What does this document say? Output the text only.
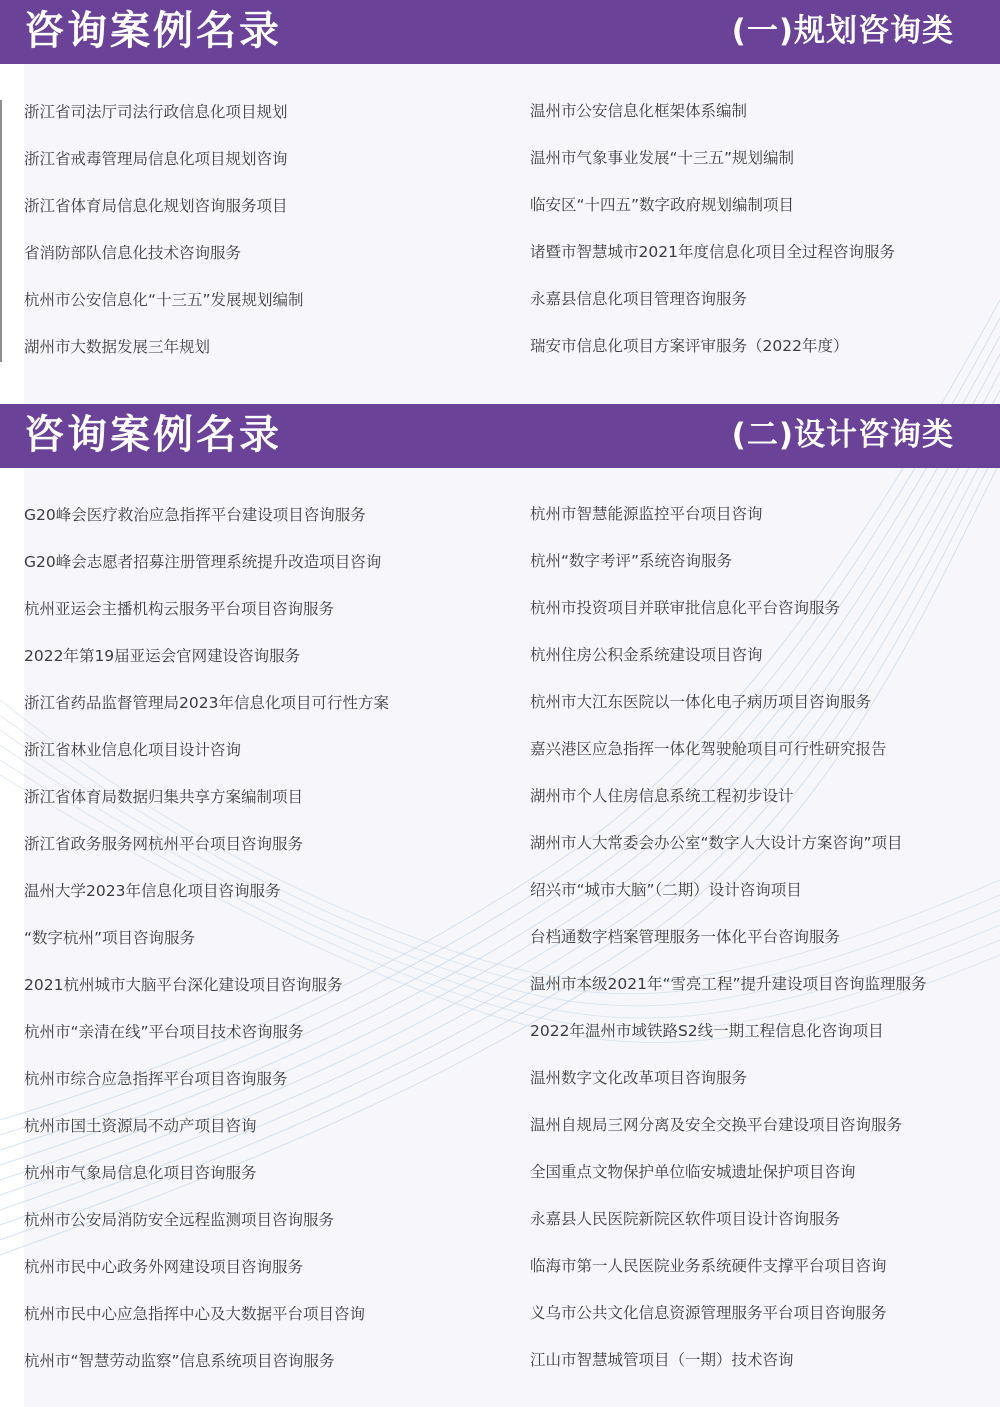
咨询案例名录	(一)规划咨询类
浙江省司法厅司法行政信息化项目规划
浙江省戒毒管理局信息化项目规划咨询
浙江省体育局信息化规划咨询服务项目
省消防部队信息化技术咨询服务
杭州市公安信息化“十三五”发展规划编制
湖州市大数据发展三年规划
温州市公安信息化框架体系编制
温州市气象事业发展“十三五”规划编制
临安区“十四五”数字政府规划编制项目
诸暨市智慧城市2021年度信息化项目全过程咨询服务
永嘉县信息化项目管理咨询服务
瑞安市信息化项目方案评审服务（2022年度）
咨询案例名录	(二)设计咨询类
G20峰会医疗救治应急指挥平台建设项目咨询服务
G20峰会志愿者招募注册管理系统提升改造项目咨询
杭州亚运会主播机构云服务平台项目咨询服务
2022年第19届亚运会官网建设咨询服务
浙江省药品监督管理局2023年信息化项目可行性方案
浙江省林业信息化项目设计咨询
浙江省体育局数据归集共享方案编制项目
浙江省政务服务网杭州平台项目咨询服务
温州大学2023年信息化项目咨询服务
“数字杭州”项目咨询服务
2021杭州城市大脑平台深化建设项目咨询服务
杭州市“亲清在线”平台项目技术咨询服务
杭州市综合应急指挥平台项目咨询服务
杭州市国土资源局不动产项目咨询
杭州市气象局信息化项目咨询服务
杭州市公安局消防安全远程监测项目咨询服务
杭州市民中心政务外网建设项目咨询服务
杭州市民中心应急指挥中心及大数据平台项目咨询
杭州市“智慧劳动监察”信息系统项目咨询服务
杭州市智慧能源监控平台项目咨询
杭州“数字考评”系统咨询服务
杭州市投资项目并联审批信息化平台咨询服务
杭州住房公积金系统建设项目咨询
杭州市大江东医院以一体化电子病历项目咨询服务
嘉兴港区应急指挥一体化驾驶舱项目可行性研究报告
湖州市个人住房信息系统工程初步设计
湖州市人大常委会办公室“数字人大设计方案咨询”项目
绍兴市“城市大脑”（二期）设计咨询项目
台档通数字档案管理服务一体化平台咨询服务
温州市本级2021年“雪亮工程”提升建设项目咨询监理服务
2022年温州市域铁路S2线一期工程信息化咨询项目
温州数字文化改革项目咨询服务
温州自规局三网分离及安全交换平台建设项目咨询服务
全国重点文物保护单位临安城遗址保护项目咨询
永嘉县人民医院新院区软件项目设计咨询服务
临海市第一人民医院业务系统硬件支撑平台项目咨询
义乌市公共文化信息资源管理服务平台项目咨询服务
江山市智慧城管项目（一期）技术咨询
